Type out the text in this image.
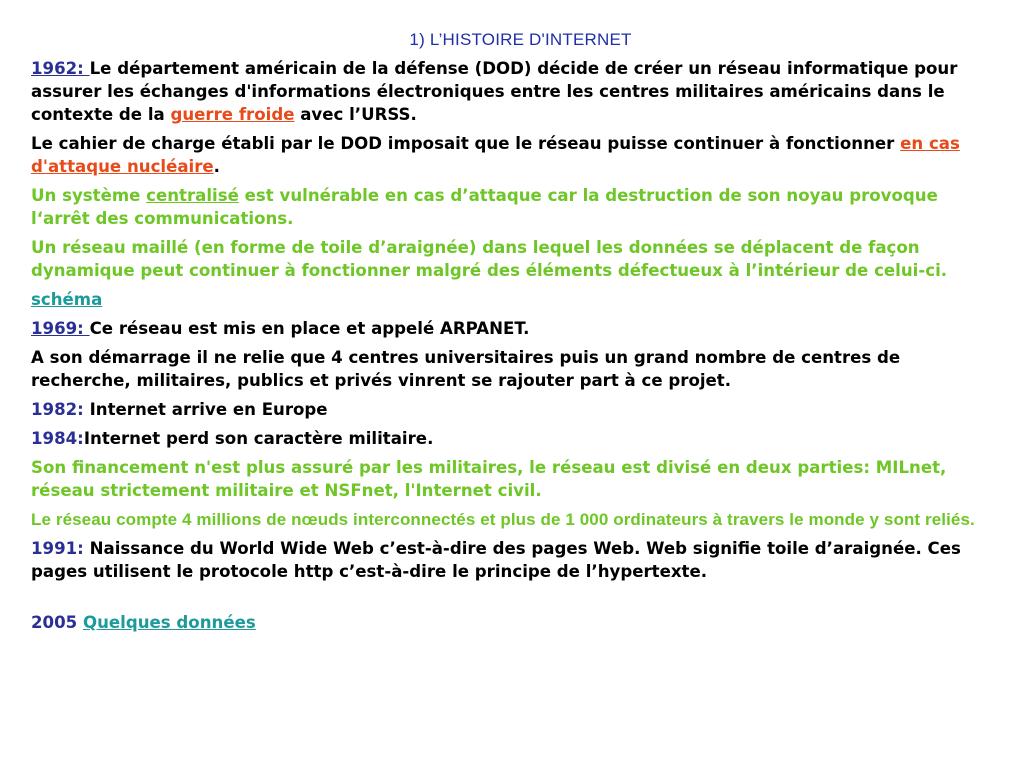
1) L’HISTOIRE D'INTERNET
1962: Le département américain de la défense (DOD) décide de créer un réseau informatique pour assurer les échanges d'informations électroniques entre les centres militaires américains dans le contexte de la guerre froide avec l’URSS.
Le cahier de charge établi par le DOD imposait que le réseau puisse continuer à fonctionner en cas d'attaque nucléaire.
Un système centralisé est vulnérable en cas d’attaque car la destruction de son noyau provoque l‘arrêt des communications.
Un réseau maillé (en forme de toile d’araignée) dans lequel les données se déplacent de façon dynamique peut continuer à fonctionner malgré des éléments défectueux à l’intérieur de celui-ci.
schéma
1969: Ce réseau est mis en place et appelé ARPANET.
A son démarrage il ne relie que 4 centres universitaires puis un grand nombre de centres de recherche, militaires, publics et privés vinrent se rajouter part à ce projet.
1982: Internet arrive en Europe
1984:Internet perd son caractère militaire.
Son financement n'est plus assuré par les militaires, le réseau est divisé en deux parties: MILnet, réseau strictement militaire et NSFnet, l'Internet civil.
Le réseau compte 4 millions de nœuds interconnectés et plus de 1 000 ordinateurs à travers le monde y sont reliés.
1991: Naissance du World Wide Web c’est-à-dire des pages Web. Web signifie toile d’araignée. Ces pages utilisent le protocole http c’est-à-dire le principe de l’hypertexte.
2005 Quelques données
